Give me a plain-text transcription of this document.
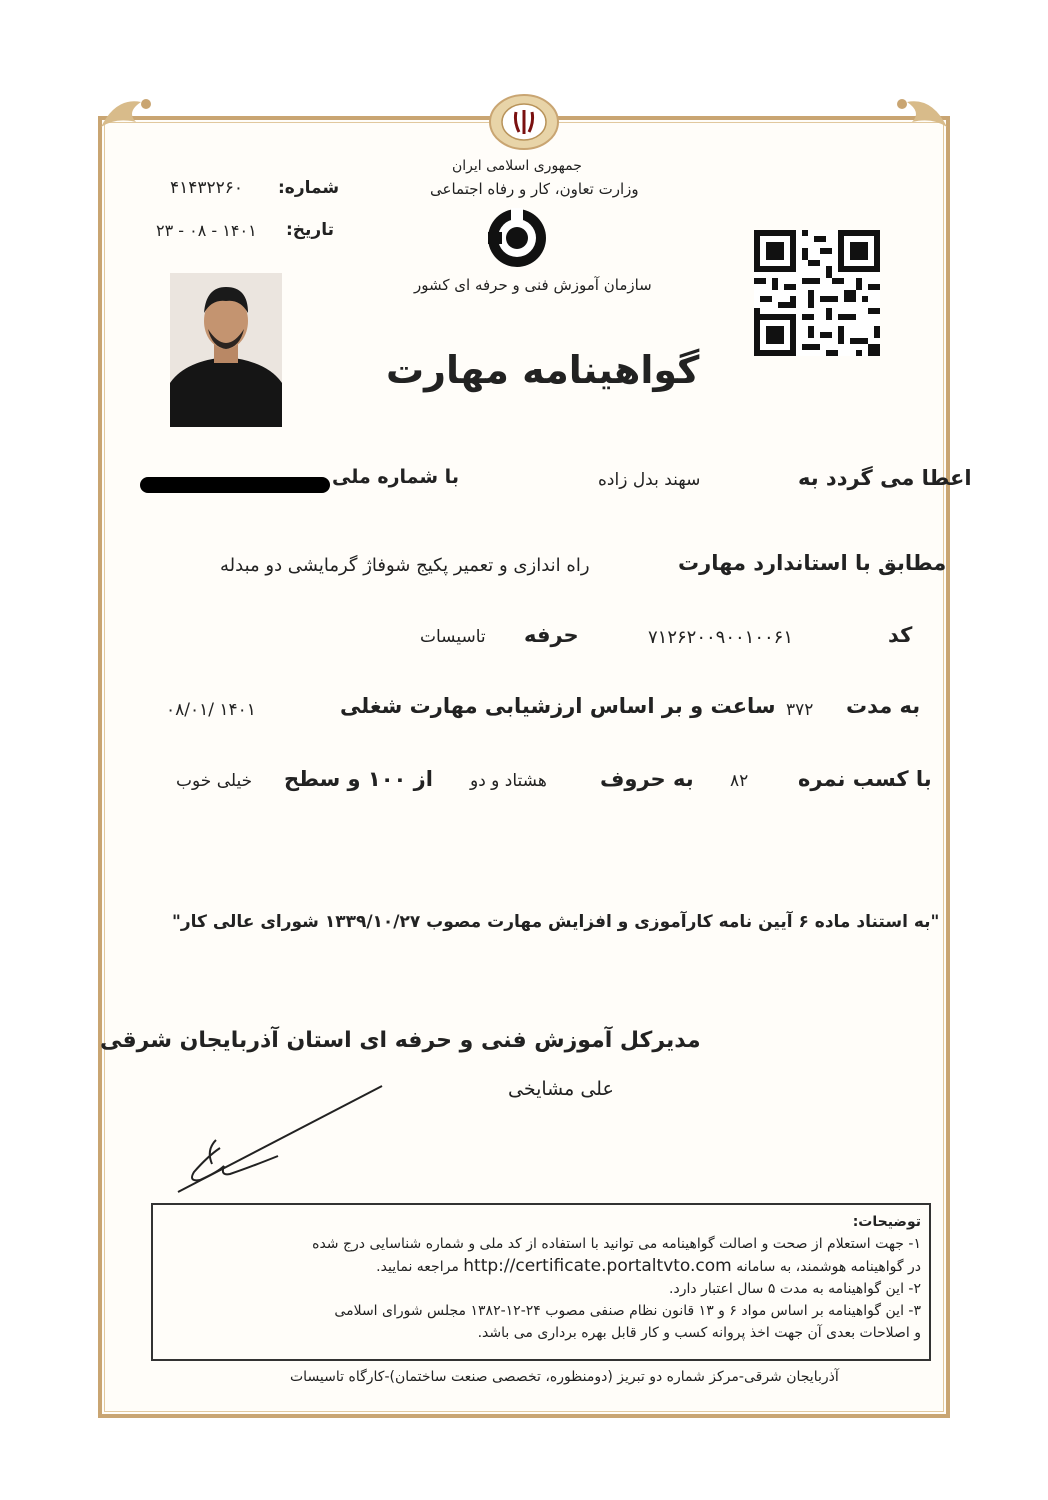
جمهوری اسلامی ایران
وزارت تعاون، کار و رفاه اجتماعی
سازمان آموزش فنی و حرفه ای کشور
شماره:
۴۱۴۳۲۲۶۰
تاریخ:
۱۴۰۱ - ۰۸ - ۲۳
گواهینامه مهارت
اعطا می گردد به
سهند بدل زاده
با شماره ملی
مطابق با استاندارد مهارت
راه اندازی و تعمیر پکیج شوفاژ گرمایشی دو مبدله
کد
۷۱۲۶۲۰۰۹۰۰۱۰۰۶۱
حرفه
تاسیسات
به مدت
۳۷۲
ساعت و بر اساس ارزشیابی مهارت شغلی
۱۴۰۱ /۰۸/۰۱
با کسب نمره
۸۲
به حروف
هشتاد و دو
از ۱۰۰ و سطح
خیلی خوب
"به استناد ماده ۶ آیین نامه کارآموزی و افزایش مهارت مصوب ۱۳۳۹/۱۰/۲۷ شورای عالی کار"
مدیرکل آموزش فنی و حرفه ای استان آذربایجان شرقی
علی مشایخی
توضیحات:
۱- جهت استعلام از صحت و اصالت گواهینامه می توانید با استفاده از کد ملی و شماره شناسایی درج شده
در گواهینامه هوشمند، به سامانه http://certificate.portaltvto.com مراجعه نمایید.
۲- این گواهینامه به مدت ۵ سال اعتبار دارد.
۳- این گواهینامه بر اساس مواد ۶ و ۱۳ قانون نظام صنفی مصوب ۲۴-۱۲-۱۳۸۲ مجلس شورای اسلامی
و اصلاحات بعدی آن جهت اخذ پروانه کسب و کار قابل بهره برداری می باشد.
آذربایجان شرقی-مرکز شماره دو تبریز (دومنظوره، تخصصی صنعت ساختمان)-کارگاه تاسیسات
